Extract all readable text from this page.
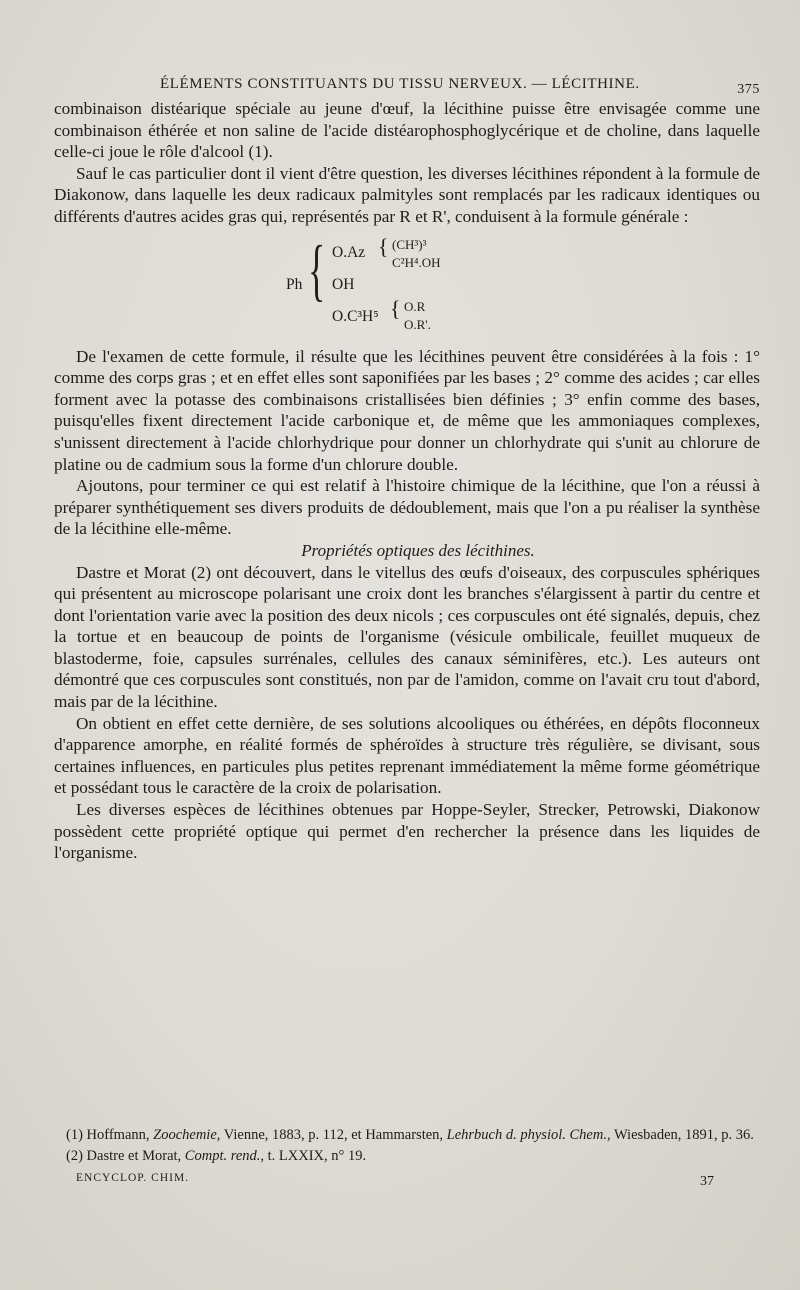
ÉLÉMENTS CONSTITUANTS DU TISSU NERVEUX. — LÉCITHINE.	375

combinaison distéarique spéciale au jeune d'œuf, la lécithine puisse être envisagée comme une combinaison éthérée et non saline de l'acide distéarophosphoglycérique et de choline, dans laquelle celle-ci joue le rôle d'alcool (1).

Sauf le cas particulier dont il vient d'être question, les diverses lécithines répondent à la formule de Diakonow, dans laquelle les deux radicaux palmityles sont remplacés par les radicaux identiques ou différents d'autres acides gras qui, représentés par R et R', conduisent à la formule générale :

Ph { O.Az { (CH³)³
C²H⁴.OH
OH
O.C³H⁵ { O.R
O.R'.

De l'examen de cette formule, il résulte que les lécithines peuvent être considérées à la fois : 1° comme des corps gras ; et en effet elles sont saponifiées par les bases ; 2° comme des acides ; car elles forment avec la potasse des combinaisons cristallisées bien définies ; 3° enfin comme des bases, puisqu'elles fixent directement l'acide carbonique et, de même que les ammoniaques complexes, s'unissent directement à l'acide chlorhydrique pour donner un chlorhydrate qui s'unit au chlorure de platine ou de cadmium sous la forme d'un chlorure double.

Ajoutons, pour terminer ce qui est relatif à l'histoire chimique de la lécithine, que l'on a réussi à préparer synthétiquement ses divers produits de dédoublement, mais que l'on a pu réaliser la synthèse de la lécithine elle-même.

Propriétés optiques des lécithines.

Dastre et Morat (2) ont découvert, dans le vitellus des œufs d'oiseaux, des corpuscules sphériques qui présentent au microscope polarisant une croix dont les branches s'élargissent à partir du centre et dont l'orientation varie avec la position des deux nicols ; ces corpuscules ont été signalés, depuis, chez la tortue et en beaucoup de points de l'organisme (vésicule ombilicale, feuillet muqueux de blastoderme, foie, capsules surrénales, cellules des canaux séminifères, etc.). Les auteurs ont démontré que ces corpuscules sont constitués, non par de l'amidon, comme on l'avait cru tout d'abord, mais par de la lécithine.

On obtient en effet cette dernière, de ses solutions alcooliques ou éthérées, en dépôts floconneux d'apparence amorphe, en réalité formés de sphéroïdes à structure très régulière, se divisant, sous certaines influences, en particules plus petites reprenant immédiatement la même forme géométrique et possédant tous le caractère de la croix de polarisation.

Les diverses espèces de lécithines obtenues par Hoppe-Seyler, Strecker, Petrowski, Diakonow possèdent cette propriété optique qui permet d'en rechercher la présence dans les liquides de l'organisme.

(1) Hoffmann, Zoochemie, Vienne, 1883, p. 112, et Hammarsten, Lehrbuch d. physiol. Chem., Wiesbaden, 1891, p. 36.

(2) Dastre et Morat, Compt. rend., t. LXXIX, n° 19.

ENCYCLOP. CHIM.	37
